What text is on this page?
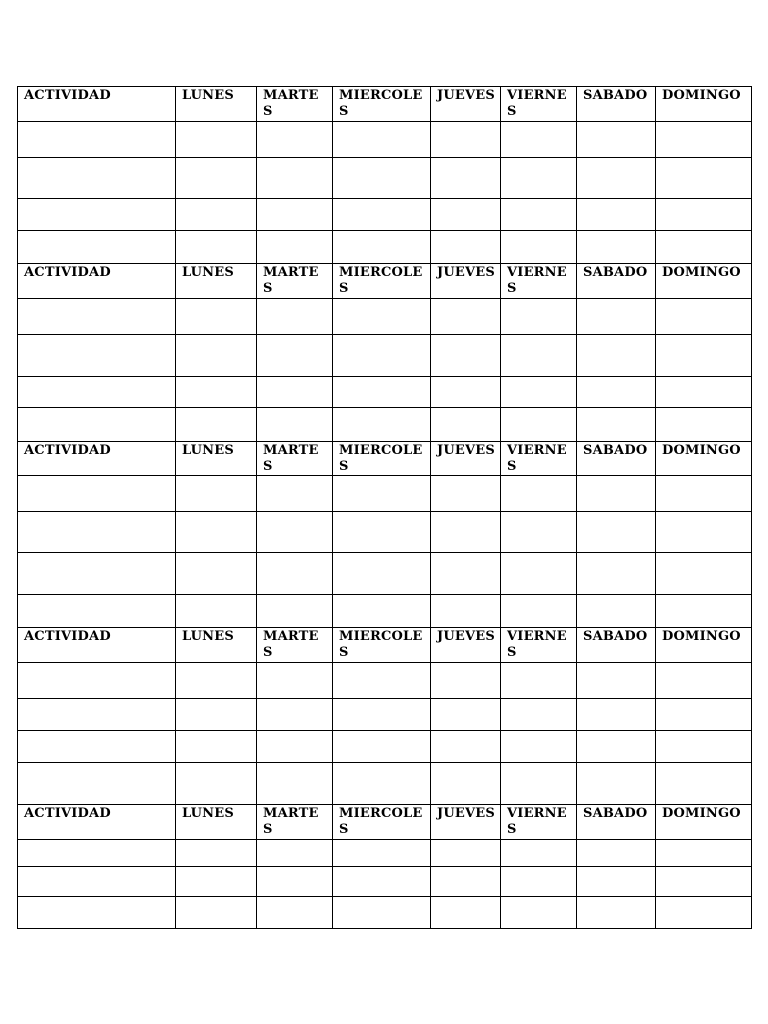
ACTIVIDAD	LUNES	MARTES	MIERCOLES	JUEVES	VIERNES	SABADO	DOMINGO

ACTIVIDAD	LUNES	MARTES	MIERCOLES	JUEVES	VIERNES	SABADO	DOMINGO

ACTIVIDAD	LUNES	MARTES	MIERCOLES	JUEVES	VIERNES	SABADO	DOMINGO

ACTIVIDAD	LUNES	MARTES	MIERCOLES	JUEVES	VIERNES	SABADO	DOMINGO

ACTIVIDAD	LUNES	MARTES	MIERCOLES	JUEVES	VIERNES	SABADO	DOMINGO
